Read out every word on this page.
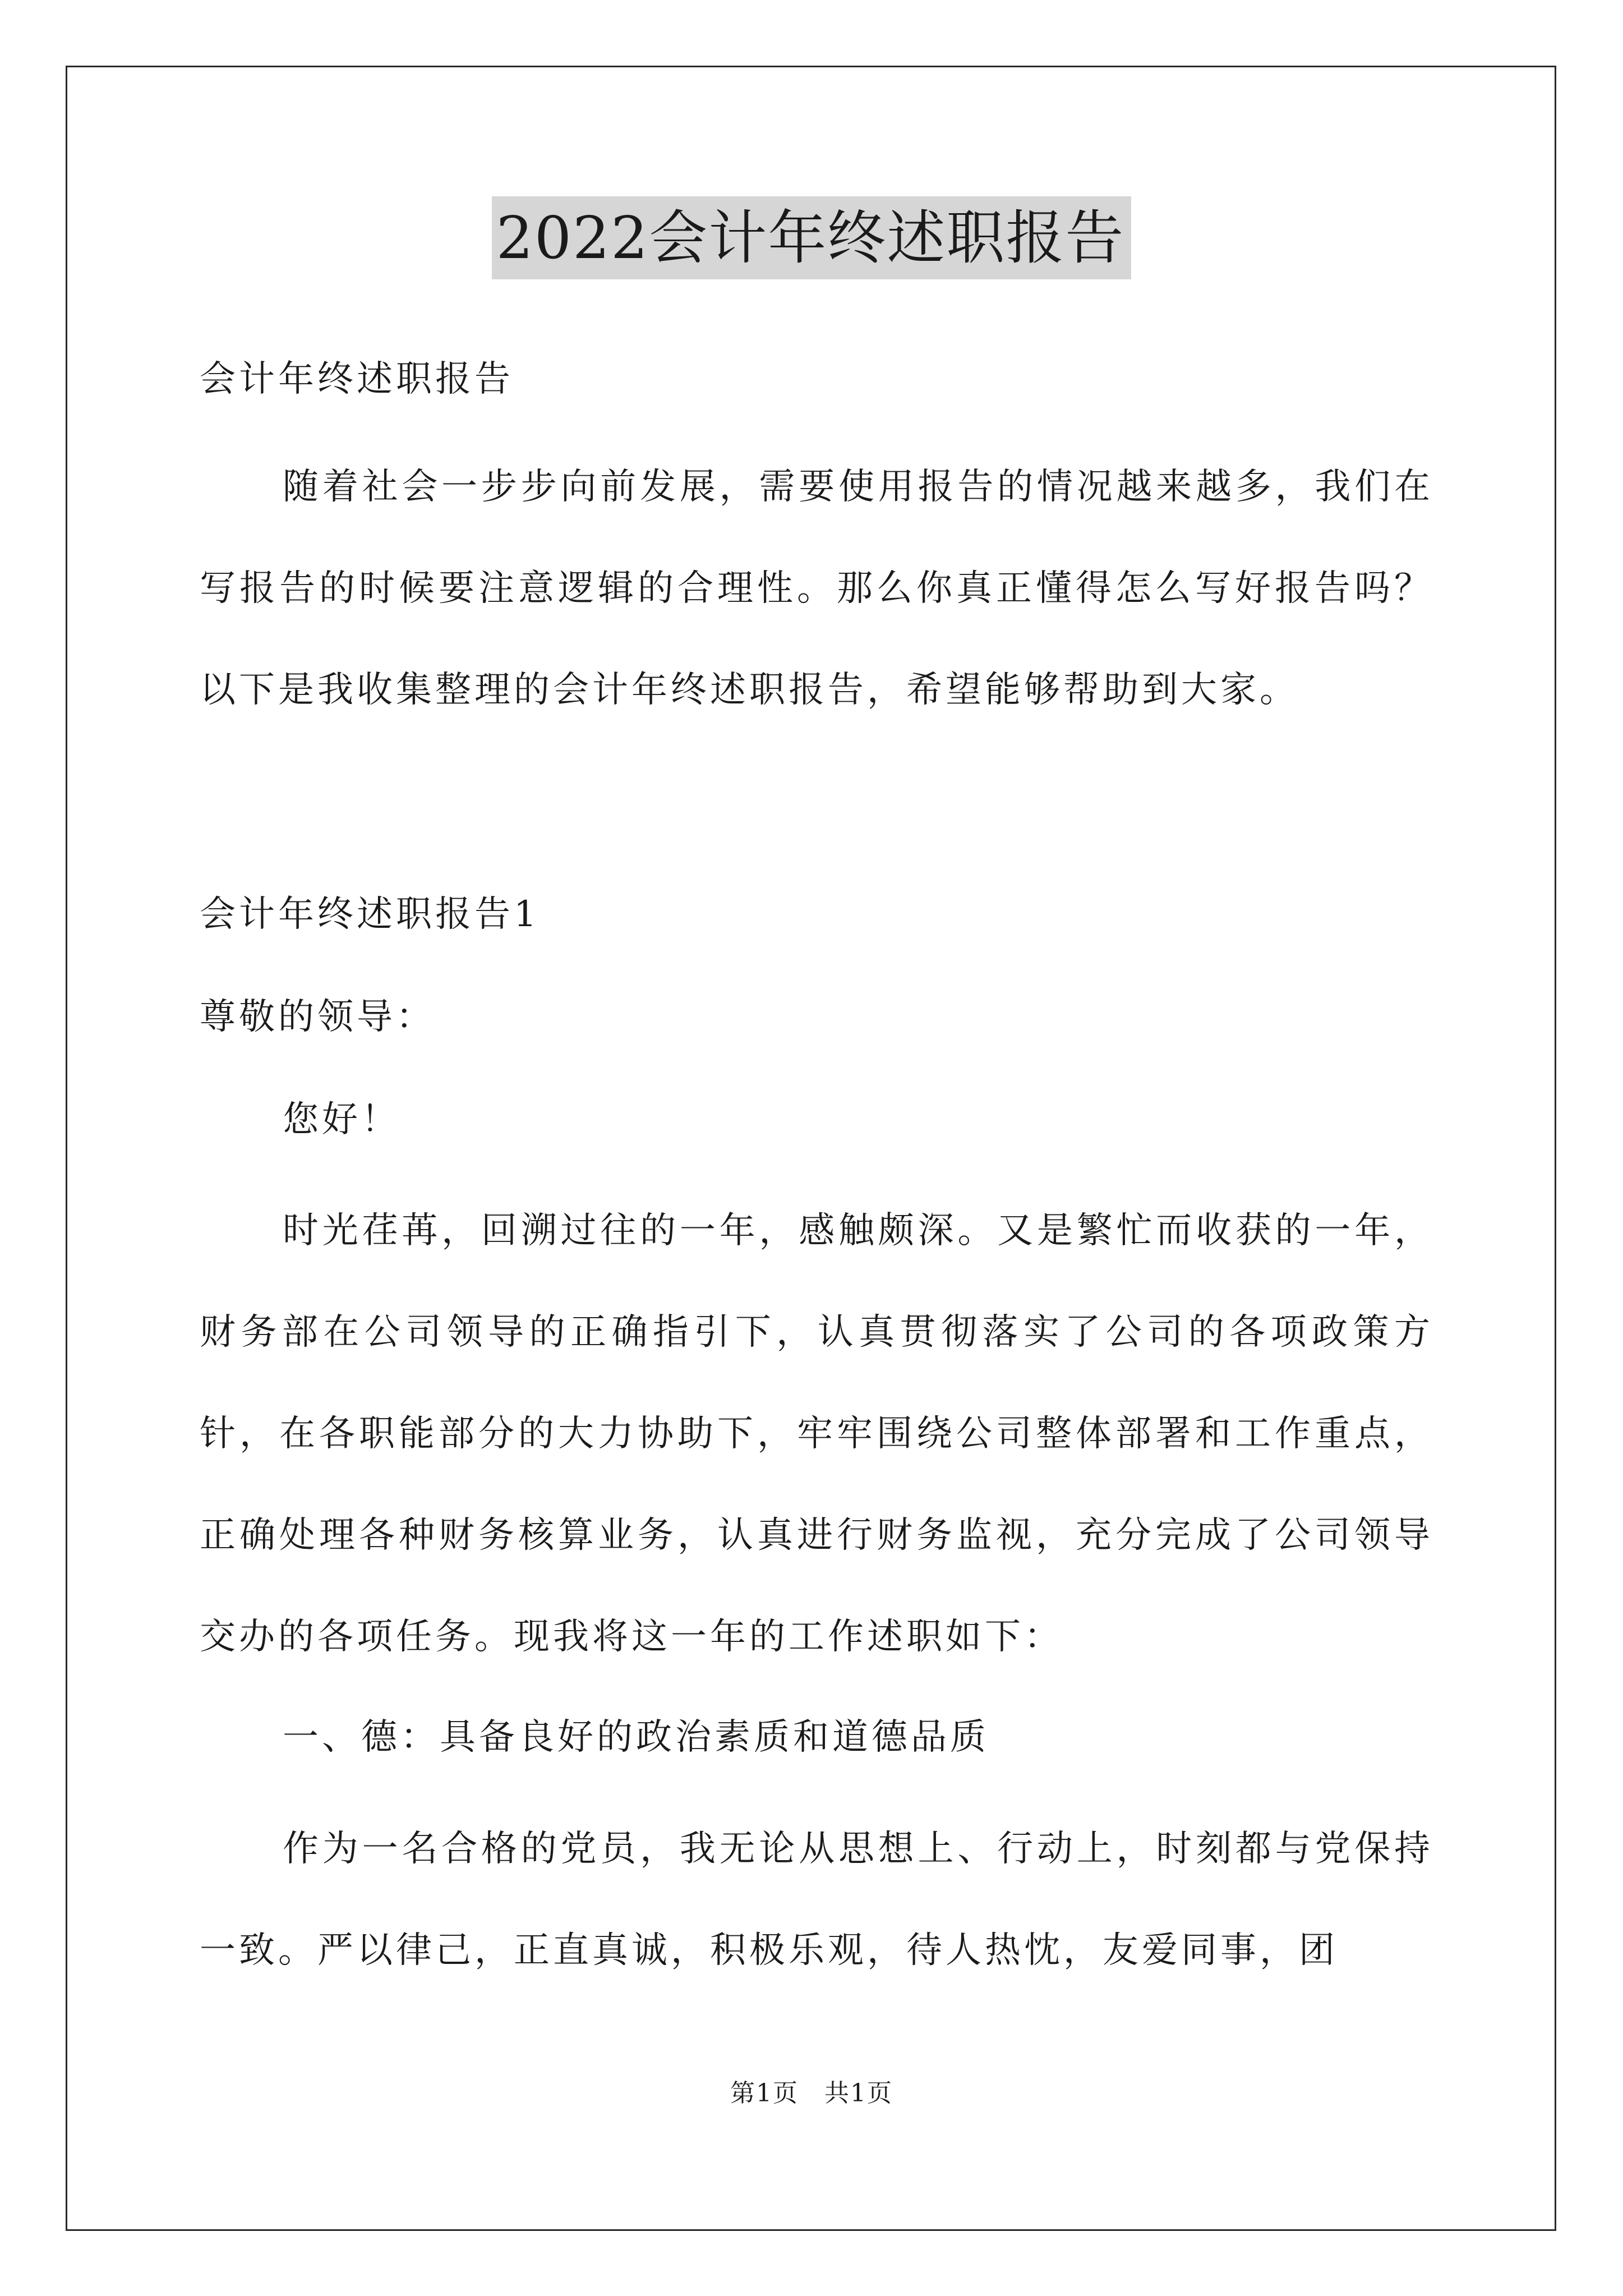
2022会计年终述职报告
会计年终述职报告
随着社会一步步向前发展，需要使用报告的情况越来越多，我们在写报告的时候要注意逻辑的合理性。那么你真正懂得怎么写好报告吗？以下是我收集整理的会计年终述职报告，希望能够帮助到大家。
会计年终述职报告1
尊敬的领导：
您好！
时光荏苒，回溯过往的一年，感触颇深。又是繁忙而收获的一年，财务部在公司领导的正确指引下，认真贯彻落实了公司的各项政策方针，在各职能部分的大力协助下，牢牢围绕公司整体部署和工作重点，正确处理各种财务核算业务，认真进行财务监视，充分完成了公司领导交办的各项任务。现我将这一年的工作述职如下：
一、德：具备良好的政治素质和道德品质
作为一名合格的党员，我无论从思想上、行动上，时刻都与党保持一致。严以律己，正直真诚，积极乐观，待人热忱，友爱同事，团
第1页　共1页
